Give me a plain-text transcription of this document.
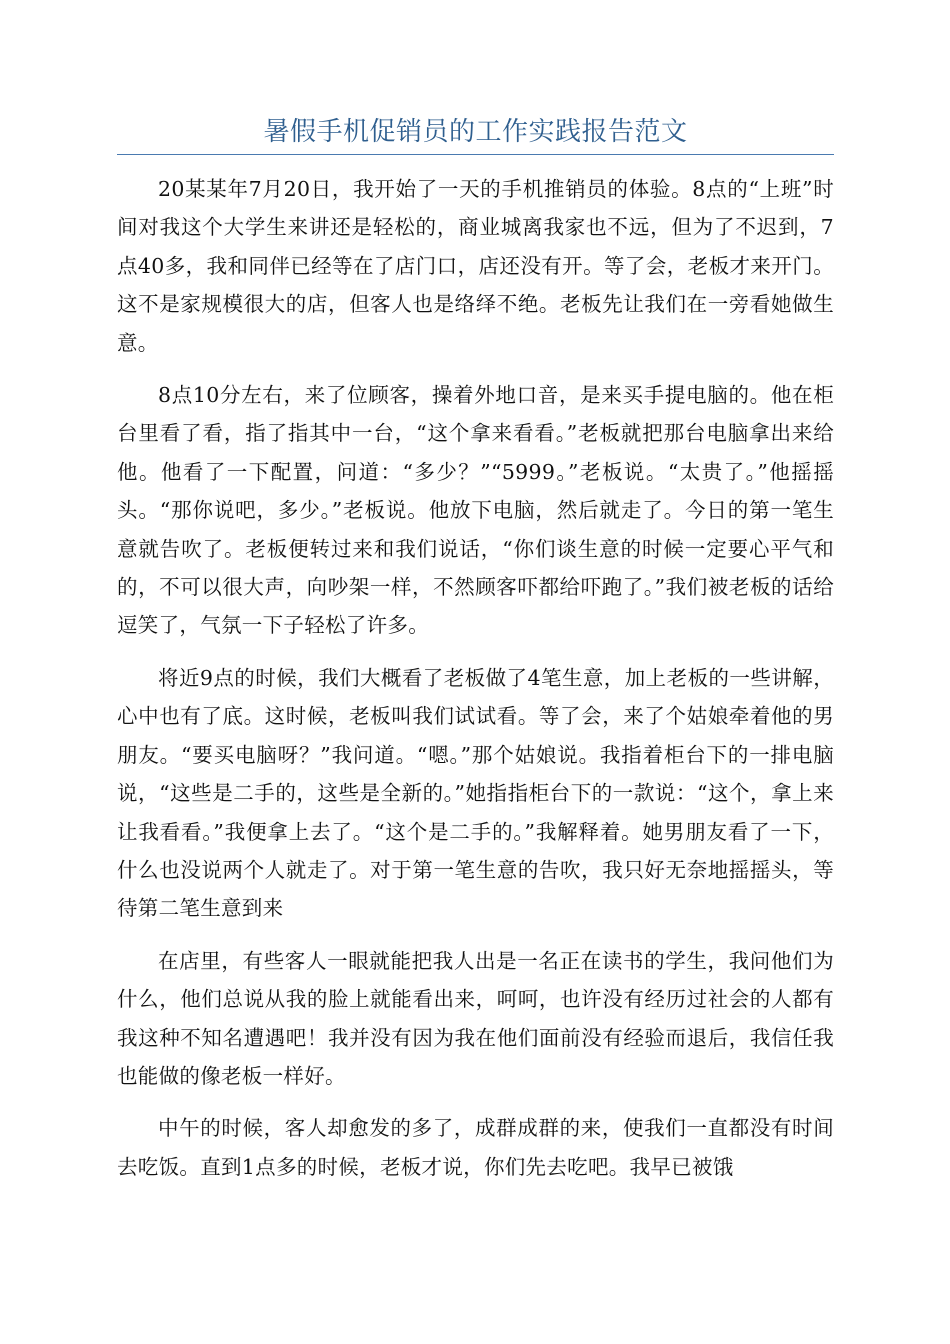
暑假手机促销员的工作实践报告范文

20某某年7月20日，我开始了一天的手机推销员的体验。8点的“上班”时间对我这个大学生来讲还是轻松的，商业城离我家也不远，但为了不迟到，7点40多，我和同伴已经等在了店门口，店还没有开。等了会，老板才来开门。这不是家规模很大的店，但客人也是络绎不绝。老板先让我们在一旁看她做生意。

8点10分左右，来了位顾客，操着外地口音，是来买手提电脑的。他在柜台里看了看，指了指其中一台，“这个拿来看看。”老板就把那台电脑拿出来给他。他看了一下配置，问道：“多少？”“5999。”老板说。“太贵了。”他摇摇头。“那你说吧，多少。”老板说。他放下电脑，然后就走了。今日的第一笔生意就告吹了。老板便转过来和我们说话，“你们谈生意的时候一定要心平气和的，不可以很大声，向吵架一样，不然顾客吓都给吓跑了。”我们被老板的话给逗笑了，气氛一下子轻松了许多。

将近9点的时候，我们大概看了老板做了4笔生意，加上老板的一些讲解，心中也有了底。这时候，老板叫我们试试看。等了会，来了个姑娘牵着他的男朋友。“要买电脑呀？”我问道。“嗯。”那个姑娘说。我指着柜台下的一排电脑说，“这些是二手的，这些是全新的。”她指指柜台下的一款说：“这个，拿上来让我看看。”我便拿上去了。“这个是二手的。”我解释着。她男朋友看了一下，什么也没说两个人就走了。对于第一笔生意的告吹，我只好无奈地摇摇头，等待第二笔生意到来

在店里，有些客人一眼就能把我人出是一名正在读书的学生，我问他们为什么，他们总说从我的脸上就能看出来，呵呵，也许没有经历过社会的人都有我这种不知名遭遇吧！我并没有因为我在他们面前没有经验而退后，我信任我也能做的像老板一样好。

中午的时候，客人却愈发的多了，成群成群的来，使我们一直都没有时间去吃饭。直到1点多的时候，老板才说，你们先去吃吧。我早已被饿
